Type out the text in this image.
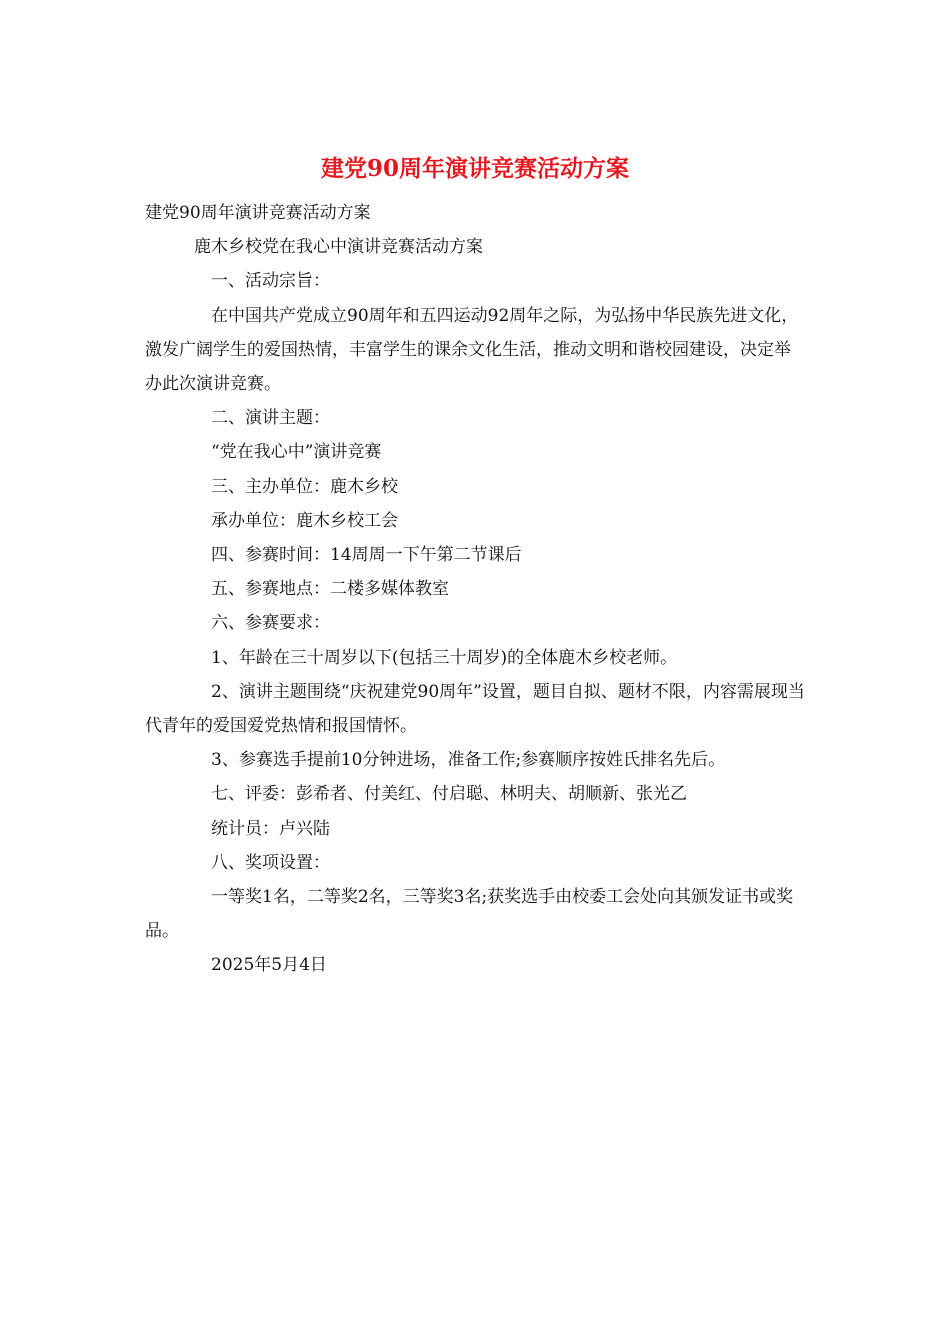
建党90周年演讲竞赛活动方案

建党90周年演讲竞赛活动方案

鹿木乡校党在我心中演讲竞赛活动方案

一、活动宗旨：

在中国共产党成立90周年和五四运动92周年之际，为弘扬中华民族先进文化，激发广阔学生的爱国热情，丰富学生的课余文化生活，推动文明和谐校园建设，决定举办此次演讲竞赛。

二、演讲主题：

“党在我心中”演讲竞赛

三、主办单位：鹿木乡校

承办单位：鹿木乡校工会

四、参赛时间：14周周一下午第二节课后

五、参赛地点：二楼多媒体教室

六、参赛要求：

1、年龄在三十周岁以下(包括三十周岁)的全体鹿木乡校老师。

2、演讲主题围绕“庆祝建党90周年”设置，题目自拟、题材不限，内容需展现当代青年的爱国爱党热情和报国情怀。

3、参赛选手提前10分钟进场，准备工作;参赛顺序按姓氏排名先后。

七、评委：彭希者、付美红、付启聪、林明夫、胡顺新、张光乙

统计员：卢兴陆

八、奖项设置：

一等奖1名，二等奖2名，三等奖3名;获奖选手由校委工会处向其颁发证书或奖品。

2025年5月4日
